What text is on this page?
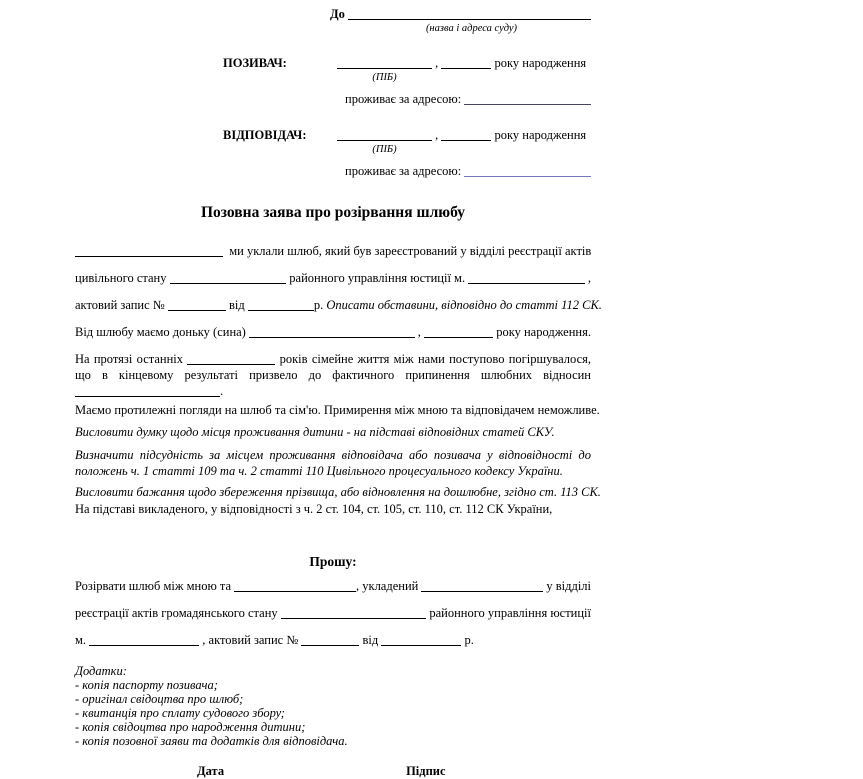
До

(назва і адреса суду)
ПОЗИВАЧ:	,	року народження
(ПІБ)
проживає за адресою:
ВІДПОВІДАЧ:	,	року народження
(ПІБ)
проживає за адресою:
Позовна заява про розірвання шлюбу
ми уклали шлюб, який був зареєстрований у відділі реєстрації актів
цивільного стану	районного управління юстиції м.	,
актовий запис №	від	р. Описати обставини, відповідно до статті 112 СК.
Від шлюбу маємо доньку (сина)	,	року народження.
На протязі останніх	років сімейне життя між нами поступово погіршувалося, що в кінцевому результаті призвело до фактичного припинення шлюбних відносин .
Маємо протилежні погляди на шлюб та сім'ю. Примирення між мною та відповідачем неможливе.
Висловити думку щодо місця проживання дитини - на підставі відповідних статей СКУ.
Визначити підсудність за місцем проживання відповідача або позивача у відповідності до положень ч. 1 статті 109 та ч. 2 статті 110 Цивільного процесуального кодексу України.
Висловити бажання щодо збереження прізвища, або відновлення на дошлюбне, згідно ст. 113 СК.
На підставі викладеного, у відповідності з ч. 2 ст. 104, ст. 105, ст. 110, ст. 112 СК України,
Прошу:
Розірвати шлюб між мною та	, укладений	у відділі
реєстрації актів громадянського стану	районного управління юстиції
м.	, актовий запис №	від	р.
Додатки:
- копія паспорту позивача;
- оригінал свідоцтва про шлюб;
- квитанція про сплату судового збору;
- копія свідоцтва про народження дитини;
- копія позовної заяви та додатків для відповідача.
Дата	Підпис
